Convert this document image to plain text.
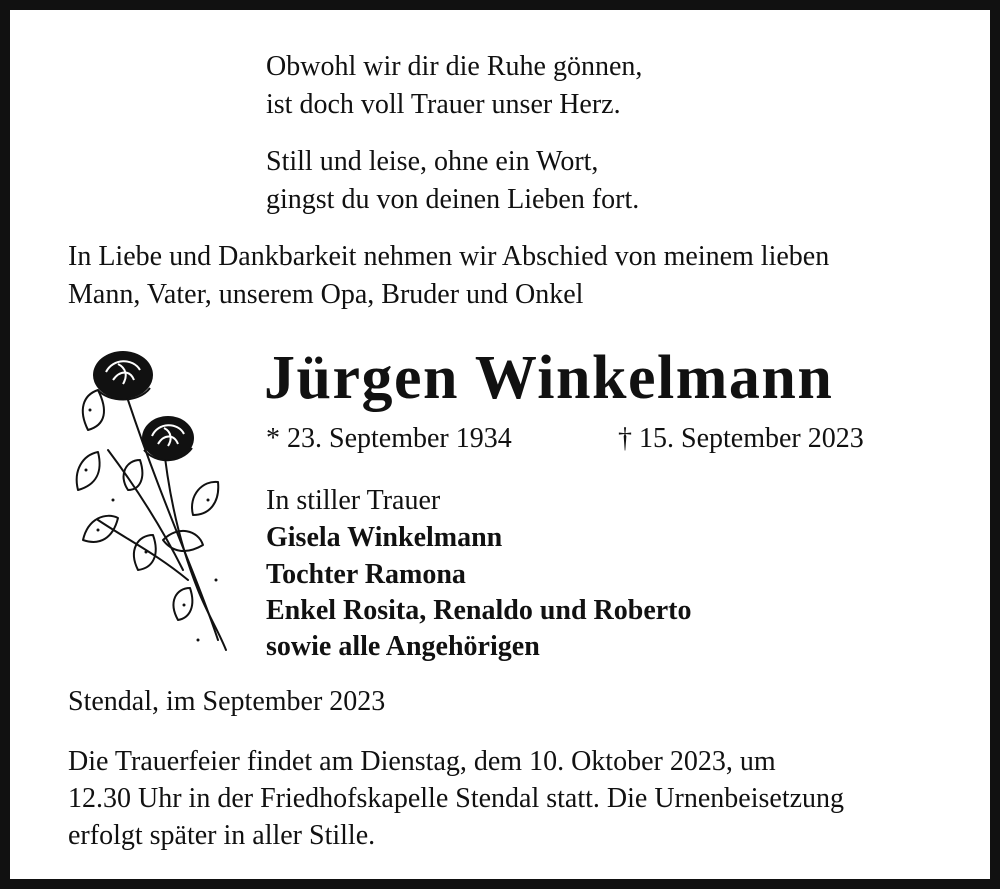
Obwohl wir dir die Ruhe gönnen,
ist doch voll Trauer unser Herz.
Still und leise, ohne ein Wort,
gingst du von deinen Lieben fort.
In Liebe und Dankbarkeit nehmen wir Abschied von meinem lieben
Mann, Vater, unserem Opa, Bruder und Onkel
Jürgen Winkelmann
* 23. September 1934	† 15. September 2023
In stiller Trauer
Gisela Winkelmann
Tochter Ramona
Enkel Rosita, Renaldo und Roberto
sowie alle Angehörigen
Stendal, im September 2023
Die Trauerfeier findet am Dienstag, dem 10. Oktober 2023, um
12.30 Uhr in der Friedhofskapelle Stendal statt. Die Urnenbeisetzung
erfolgt später in aller Stille.
